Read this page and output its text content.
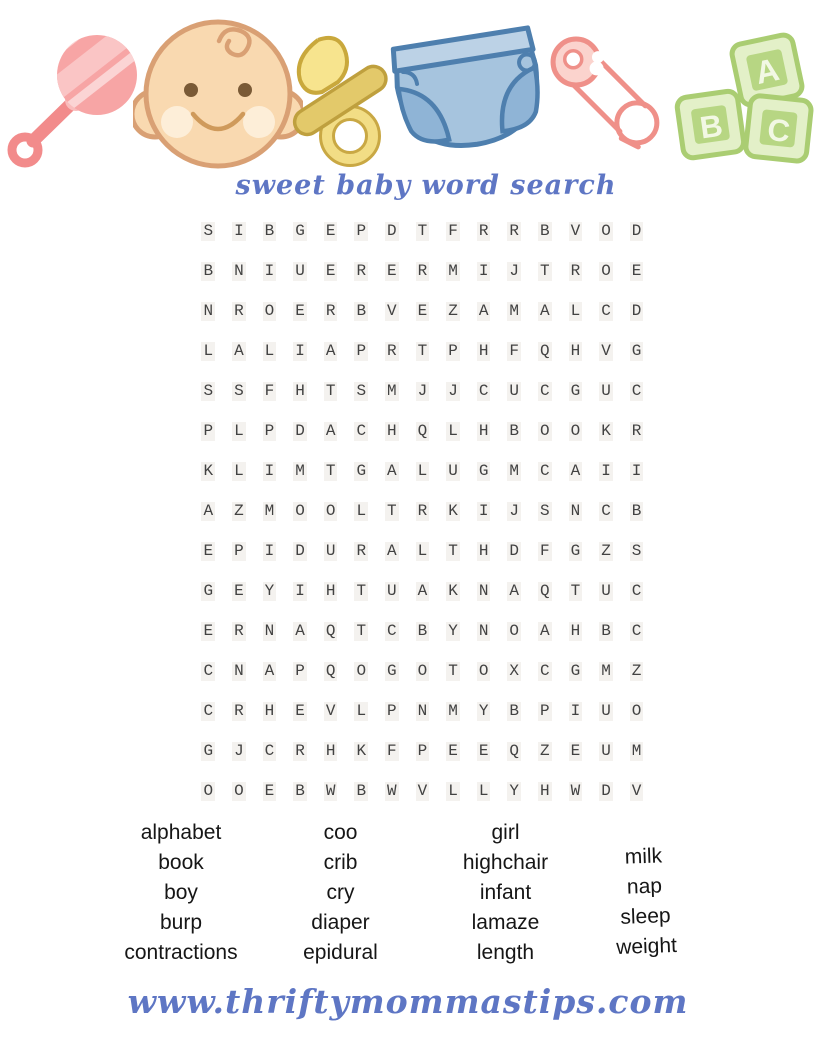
A
B C
sweet baby word search
S I B G E P D T F R R B V O D
B N I U E R E R M I J T R O E
N R O E R B V E Z A M A L C D
L A L I A P R T P H F Q H V G
S S F H T S M J J C U C G U C
P L P D A C H Q L H B O O K R
K L I M T G A L U G M C A I I
A Z M O O L T R K I J S N C B
E P I D U R A L T H D F G Z S
G E Y I H T U A K N A Q T U C
E R N A Q T C B Y N O A H B C
C N A P Q O G O T O X C G M Z
C R H E V L P N M Y B P I U O
G J C R H K F P E E Q Z E U M
O O E B W B W V L L Y H W D V
alphabet
book
boy
burp
contractions
coo
crib
cry
diaper
epidural
girl
highchair
infant
lamaze
length
milk
nap
sleep
weight
www.thriftymommastips.com
